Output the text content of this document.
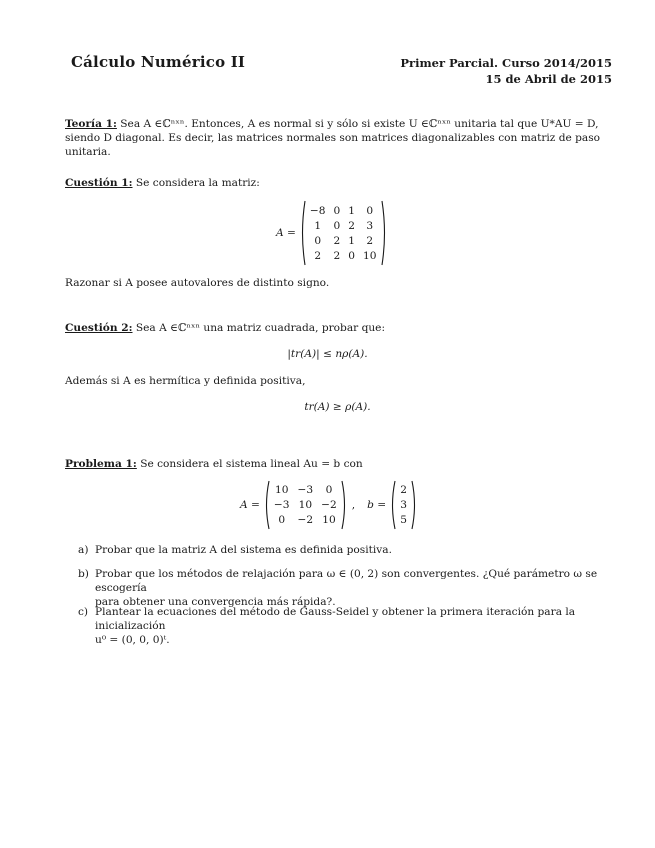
Cálculo Numérico II	Primer Parcial. Curso 2014/2015
15 de Abril de 2015
Teoría 1: Sea A ∈ℂⁿˣⁿ. Entonces, A es normal si y sólo si existe U ∈ℂⁿˣⁿ unitaria tal que U*AU = D,
siendo D diagonal. Es decir, las matrices normales son matrices diagonalizables con matriz de paso unitaria.
Cuestión 1: Se considera la matriz:
A =
−8	0	1	0
1	0	2	3
0	2	1	2
2	2	0	10
Razonar si A posee autovalores de distinto signo.
Cuestión 2: Sea A ∈ℂⁿˣⁿ una matriz cuadrada, probar que:
|tr(A)| ≤ nρ(A).
Además si A es hermítica y definida positiva,
tr(A) ≥ ρ(A).
Problema 1: Se considera el sistema lineal Au = b con
A =
10	−3	0
−3	10	−2
0	−2	10
, b =
2
3
5
a) Probar que la matriz A del sistema es definida positiva.
b) Probar que los métodos de relajación para ω ∈ (0, 2) son convergentes. ¿Qué parámetro ω se escogería
para obtener una convergencia más rápida?.
c) Plantear la ecuaciones del método de Gauss-Seidel y obtener la primera iteración para la inicialización
u⁰ = (0, 0, 0)ᵗ.
